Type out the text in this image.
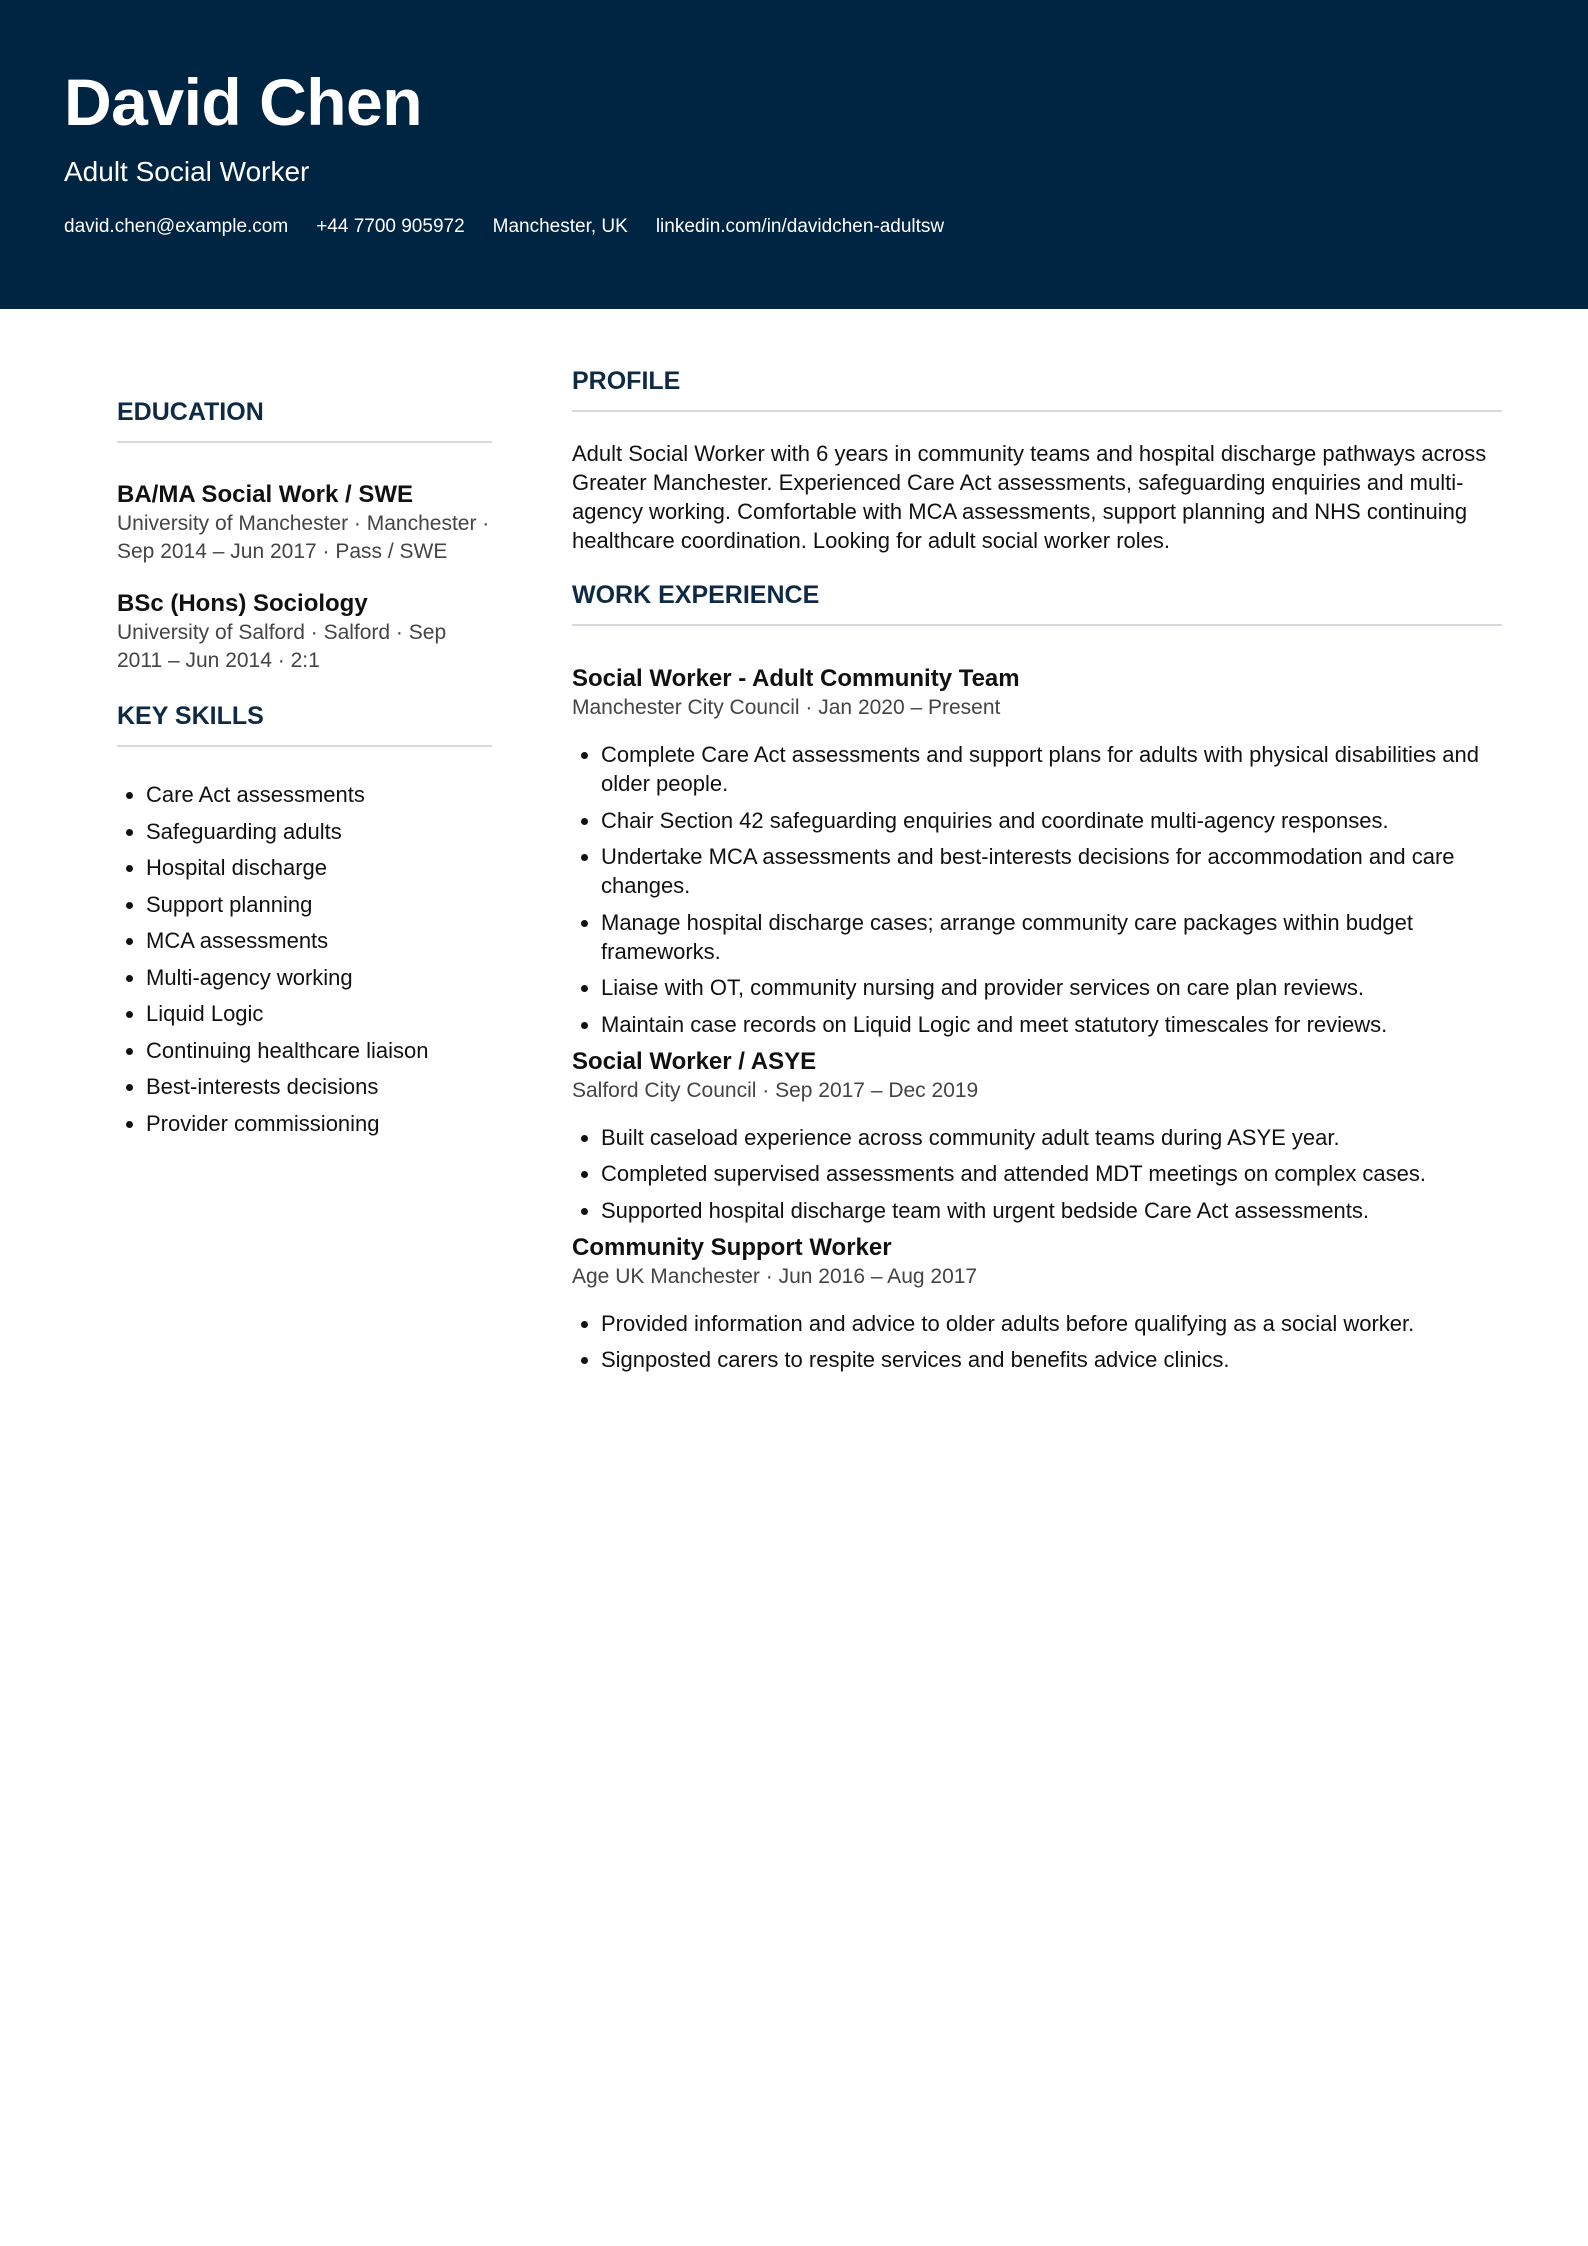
David Chen
Adult Social Worker
david.chen@example.com +44 7700 905972 Manchester, UK linkedin.com/in/davidchen-adultsw
EDUCATION
BA/MA Social Work / SWE
University of Manchester · Manchester · Sep 2014 – Jun 2017 · Pass / SWE
BSc (Hons) Sociology
University of Salford · Salford · Sep 2011 – Jun 2014 · 2:1
KEY SKILLS
• Care Act assessments
• Safeguarding adults
• Hospital discharge
• Support planning
• MCA assessments
• Multi-agency working
• Liquid Logic
• Continuing healthcare liaison
• Best-interests decisions
• Provider commissioning
PROFILE

Adult Social Worker with 6 years in community teams and hospital discharge pathways across Greater Manchester. Experienced Care Act assessments, safeguarding enquiries and multi-agency working. Comfortable with MCA assessments, support planning and NHS continuing healthcare coordination. Looking for adult social worker roles.

WORK EXPERIENCE
Social Worker - Adult Community Team
Manchester City Council · Jan 2020 – Present
• Complete Care Act assessments and support plans for adults with physical disabilities and older people.
• Chair Section 42 safeguarding enquiries and coordinate multi-agency responses.
• Undertake MCA assessments and best-interests decisions for accommodation and care changes.
• Manage hospital discharge cases; arrange community care packages within budget frameworks.
• Liaise with OT, community nursing and provider services on care plan reviews.
• Maintain case records on Liquid Logic and meet statutory timescales for reviews.
Social Worker / ASYE
Salford City Council · Sep 2017 – Dec 2019
• Built caseload experience across community adult teams during ASYE year.
• Completed supervised assessments and attended MDT meetings on complex cases.
• Supported hospital discharge team with urgent bedside Care Act assessments.
Community Support Worker
Age UK Manchester · Jun 2016 – Aug 2017
• Provided information and advice to older adults before qualifying as a social worker.
• Signposted carers to respite services and benefits advice clinics.
